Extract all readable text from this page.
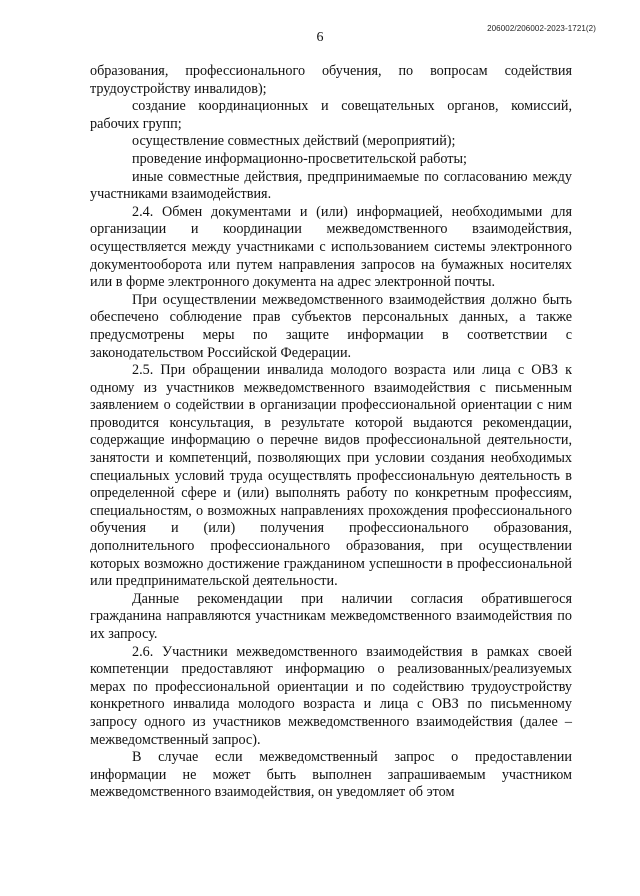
206002/206002-2023-1721(2)
6

образования, профессионального обучения, по вопросам содействия трудоустройству инвалидов);

создание координационных и совещательных органов, комиссий, рабочих групп;

осуществление совместных действий (мероприятий);

проведение информационно-просветительской работы;

иные совместные действия, предпринимаемые по согласованию между участниками взаимодействия.

2.4. Обмен документами и (или) информацией, необходимыми для организации и координации межведомственного взаимодействия, осуществляется между участниками с использованием системы электронного документооборота или путем направления запросов на бумажных носителях или в форме электронного документа на адрес электронной почты.

При осуществлении межведомственного взаимодействия должно быть обеспечено соблюдение прав субъектов персональных данных, а также предусмотрены меры по защите информации в соответствии с законодательством Российской Федерации.

2.5. При обращении инвалида молодого возраста или лица с ОВЗ к одному из участников межведомственного взаимодействия с письменным заявлением о содействии в организации профессиональной ориентации с ним проводится консультация, в результате которой выдаются рекомендации, содержащие информацию о перечне видов профессиональной деятельности, занятости и компетенций, позволяющих при условии создания необходимых специальных условий труда осуществлять профессиональную деятельность в определенной сфере и (или) выполнять работу по конкретным профессиям, специальностям, о возможных направлениях прохождения профессионального обучения и (или) получения профессионального образования, дополнительного профессионального образования, при осуществлении которых возможно достижение гражданином успешности в профессиональной или предпринимательской деятельности.

Данные рекомендации при наличии согласия обратившегося гражданина направляются участникам межведомственного взаимодействия по их запросу.

2.6. Участники межведомственного взаимодействия в рамках своей компетенции предоставляют информацию о реализованных/реализуемых мерах по профессиональной ориентации и по содействию трудоустройству конкретного инвалида молодого возраста и лица с ОВЗ по письменному запросу одного из участников межведомственного взаимодействия (далее – межведомственный запрос).

В случае если межведомственный запрос о предоставлении информации не может быть выполнен запрашиваемым участником межведомственного взаимодействия, он уведомляет об этом
